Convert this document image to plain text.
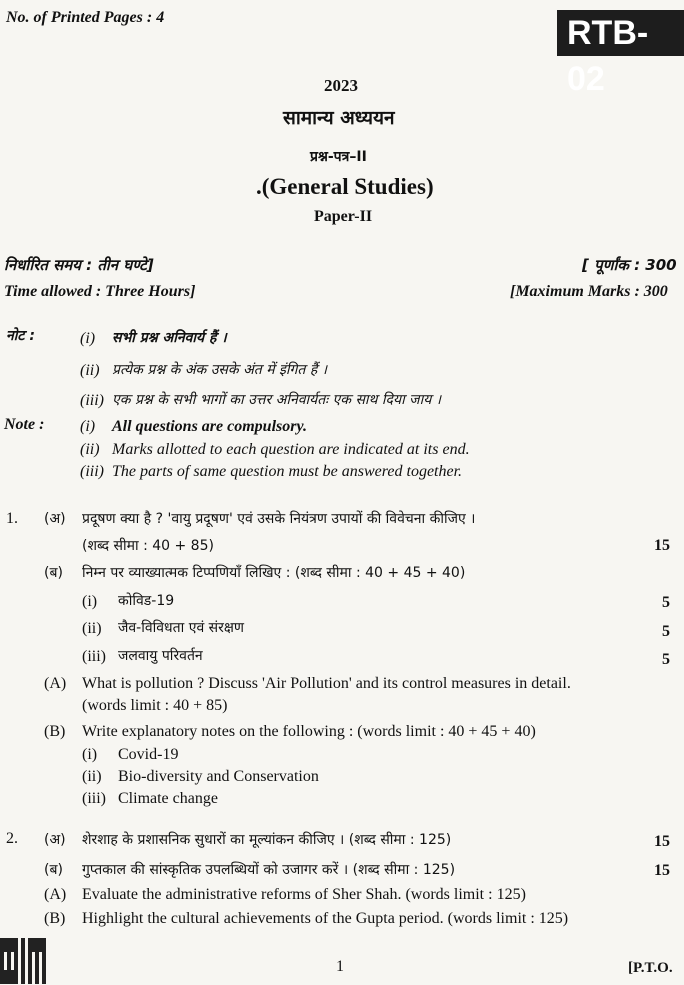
No. of Printed Pages : 4	RTB-02
2023
सामान्य अध्ययन
प्रश्न-पत्र–II
.(General Studies)
Paper-II
निर्धारित समय : तीन घण्टे]	[ पूर्णांक : 300
Time allowed : Three Hours]	[Maximum Marks : 300
नोट :	(i) सभी प्रश्न अनिवार्य हैं ।
(ii) प्रत्येक प्रश्न के अंक उसके अंत में इंगित हैं ।
(iii) एक प्रश्न के सभी भागों का उत्तर अनिवार्यतः एक साथ दिया जाय ।
Note : (i) All questions are compulsory.
(ii) Marks allotted to each question are indicated at its end.
(iii) The parts of same question must be answered together.
1. (अ) प्रदूषण क्या है ? 'वायु प्रदूषण' एवं उसके नियंत्रण उपायों की विवेचना कीजिए ।
(शब्द सीमा : 40 + 85)	15
(ब) निम्न पर व्याख्यात्मक टिप्पणियाँ लिखिए : (शब्द सीमा : 40 + 45 + 40)
(i) कोविड-19	5
(ii) जैव-विविधता एवं संरक्षण	5
(iii) जलवायु परिवर्तन	5
(A) What is pollution ? Discuss 'Air Pollution' and its control measures in detail.
(words limit : 40 + 85)
(B) Write explanatory notes on the following : (words limit : 40 + 45 + 40)
(i) Covid-19
(ii) Bio-diversity and Conservation
(iii) Climate change
2. (अ) शेरशाह के प्रशासनिक सुधारों का मूल्यांकन कीजिए । (शब्द सीमा : 125)	15
(ब) गुप्तकाल की सांस्कृतिक उपलब्धियों को उजागर करें । (शब्द सीमा : 125)	15
(A) Evaluate the administrative reforms of Sher Shah. (words limit : 125)
(B) Highlight the cultural achievements of the Gupta period. (words limit : 125)
1	[P.T.O.
